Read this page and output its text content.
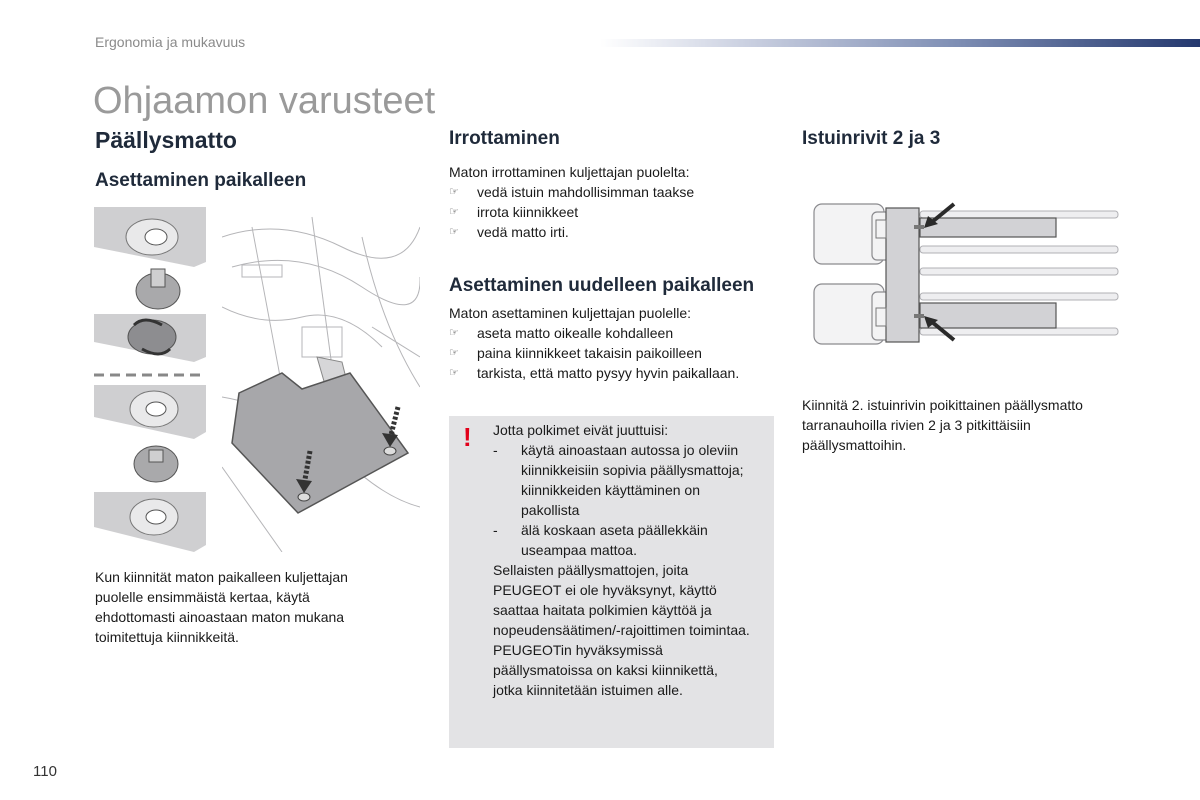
Ergonomia ja mukavuus
Ohjaamon varusteet
Päällysmatto
Asettaminen paikalleen
Kun kiinnität maton paikalleen kuljettajan
puolelle ensimmäistä kertaa, käytä
ehdottomasti ainoastaan maton mukana
toimitettuja kiinnikkeitä.
Irrottaminen
Maton irrottaminen kuljettajan puolelta:
☞ vedä istuin mahdollisimman taakse
☞ irrota kiinnikkeet
☞ vedä matto irti.
Asettaminen uudelleen paikalleen
Maton asettaminen kuljettajan puolelle:
☞ aseta matto oikealle kohdalleen
☞ paina kiinnikkeet takaisin paikoilleen
☞ tarkista, että matto pysyy hyvin paikallaan.
! Jotta polkimet eivät juuttuisi:
- käytä ainoastaan autossa jo oleviin
kiinnikkeisiin sopivia päällysmattoja;
kiinnikkeiden käyttäminen on
pakollista
- älä koskaan aseta päällekkäin
useampaa mattoa.
Sellaisten päällysmattojen, joita
PEUGEOT ei ole hyväksynyt, käyttö
saattaa haitata polkimien käyttöä ja
nopeudensäätimen/-rajoittimen toimintaa.
PEUGEOTin hyväksymissä
päällysmatoissa on kaksi kiinnikettä,
jotka kiinnitetään istuimen alle.
Istuinrivit 2 ja 3
Kiinnitä 2. istuinrivin poikittainen päällysmatto
tarranauhoilla rivien 2 ja 3 pitkittäisiin
päällysmattoihin.
110
